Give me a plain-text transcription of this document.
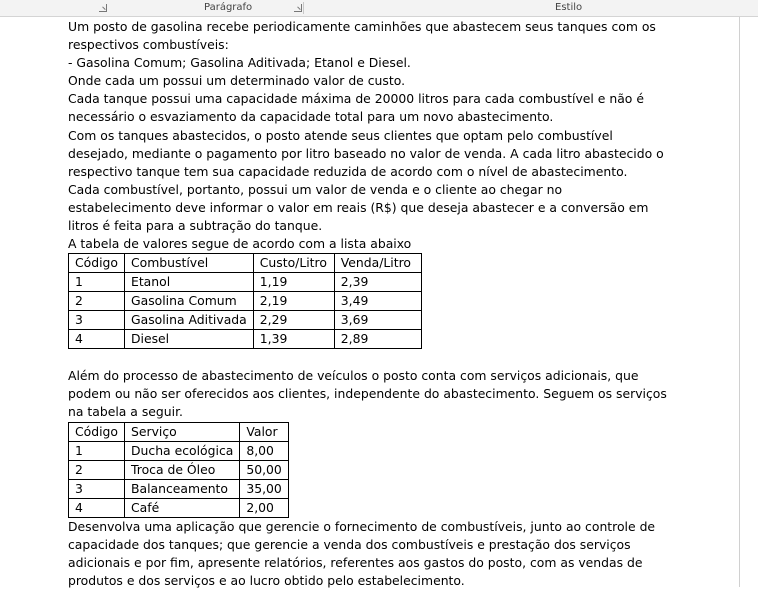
Parágrafo	Estilo

Um posto de gasolina recebe periodicamente caminhões que abastecem seus tanques com os respectivos combustíveis:

- Gasolina Comum; Gasolina Aditivada; Etanol e Diesel.

Onde cada um possui um determinado valor de custo.

Cada tanque possui uma capacidade máxima de 20000 litros para cada combustível e não é necessário o esvaziamento da capacidade total para um novo abastecimento.

Com os tanques abastecidos, o posto atende seus clientes que optam pelo combustível desejado, mediante o pagamento por litro baseado no valor de venda. A cada litro abastecido o respectivo tanque tem sua capacidade reduzida de acordo com o nível de abastecimento.

Cada combustível, portanto, possui um valor de venda e o cliente ao chegar no estabelecimento deve informar o valor em reais (R$) que deseja abastecer e a conversão em litros é feita para a subtração do tanque.

A tabela de valores segue de acordo com a lista abaixo

Código	Combustível	Custo/Litro	Venda/Litro
1	Etanol	1,19	2,39
2	Gasolina Comum	2,19	3,49
3	Gasolina Aditivada	2,29	3,69
4	Diesel	1,39	2,89

Além do processo de abastecimento de veículos o posto conta com serviços adicionais, que podem ou não ser oferecidos aos clientes, independente do abastecimento. Seguem os serviços na tabela a seguir.

Código	Serviço	Valor
1	Ducha ecológica	8,00
2	Troca de Óleo	50,00
3	Balanceamento	35,00
4	Café	2,00

Desenvolva uma aplicação que gerencie o fornecimento de combustíveis, junto ao controle de capacidade dos tanques; que gerencie a venda dos combustíveis e prestação dos serviços adicionais e por fim, apresente relatórios, referentes aos gastos do posto, com as vendas de produtos e dos serviços e ao lucro obtido pelo estabelecimento.
